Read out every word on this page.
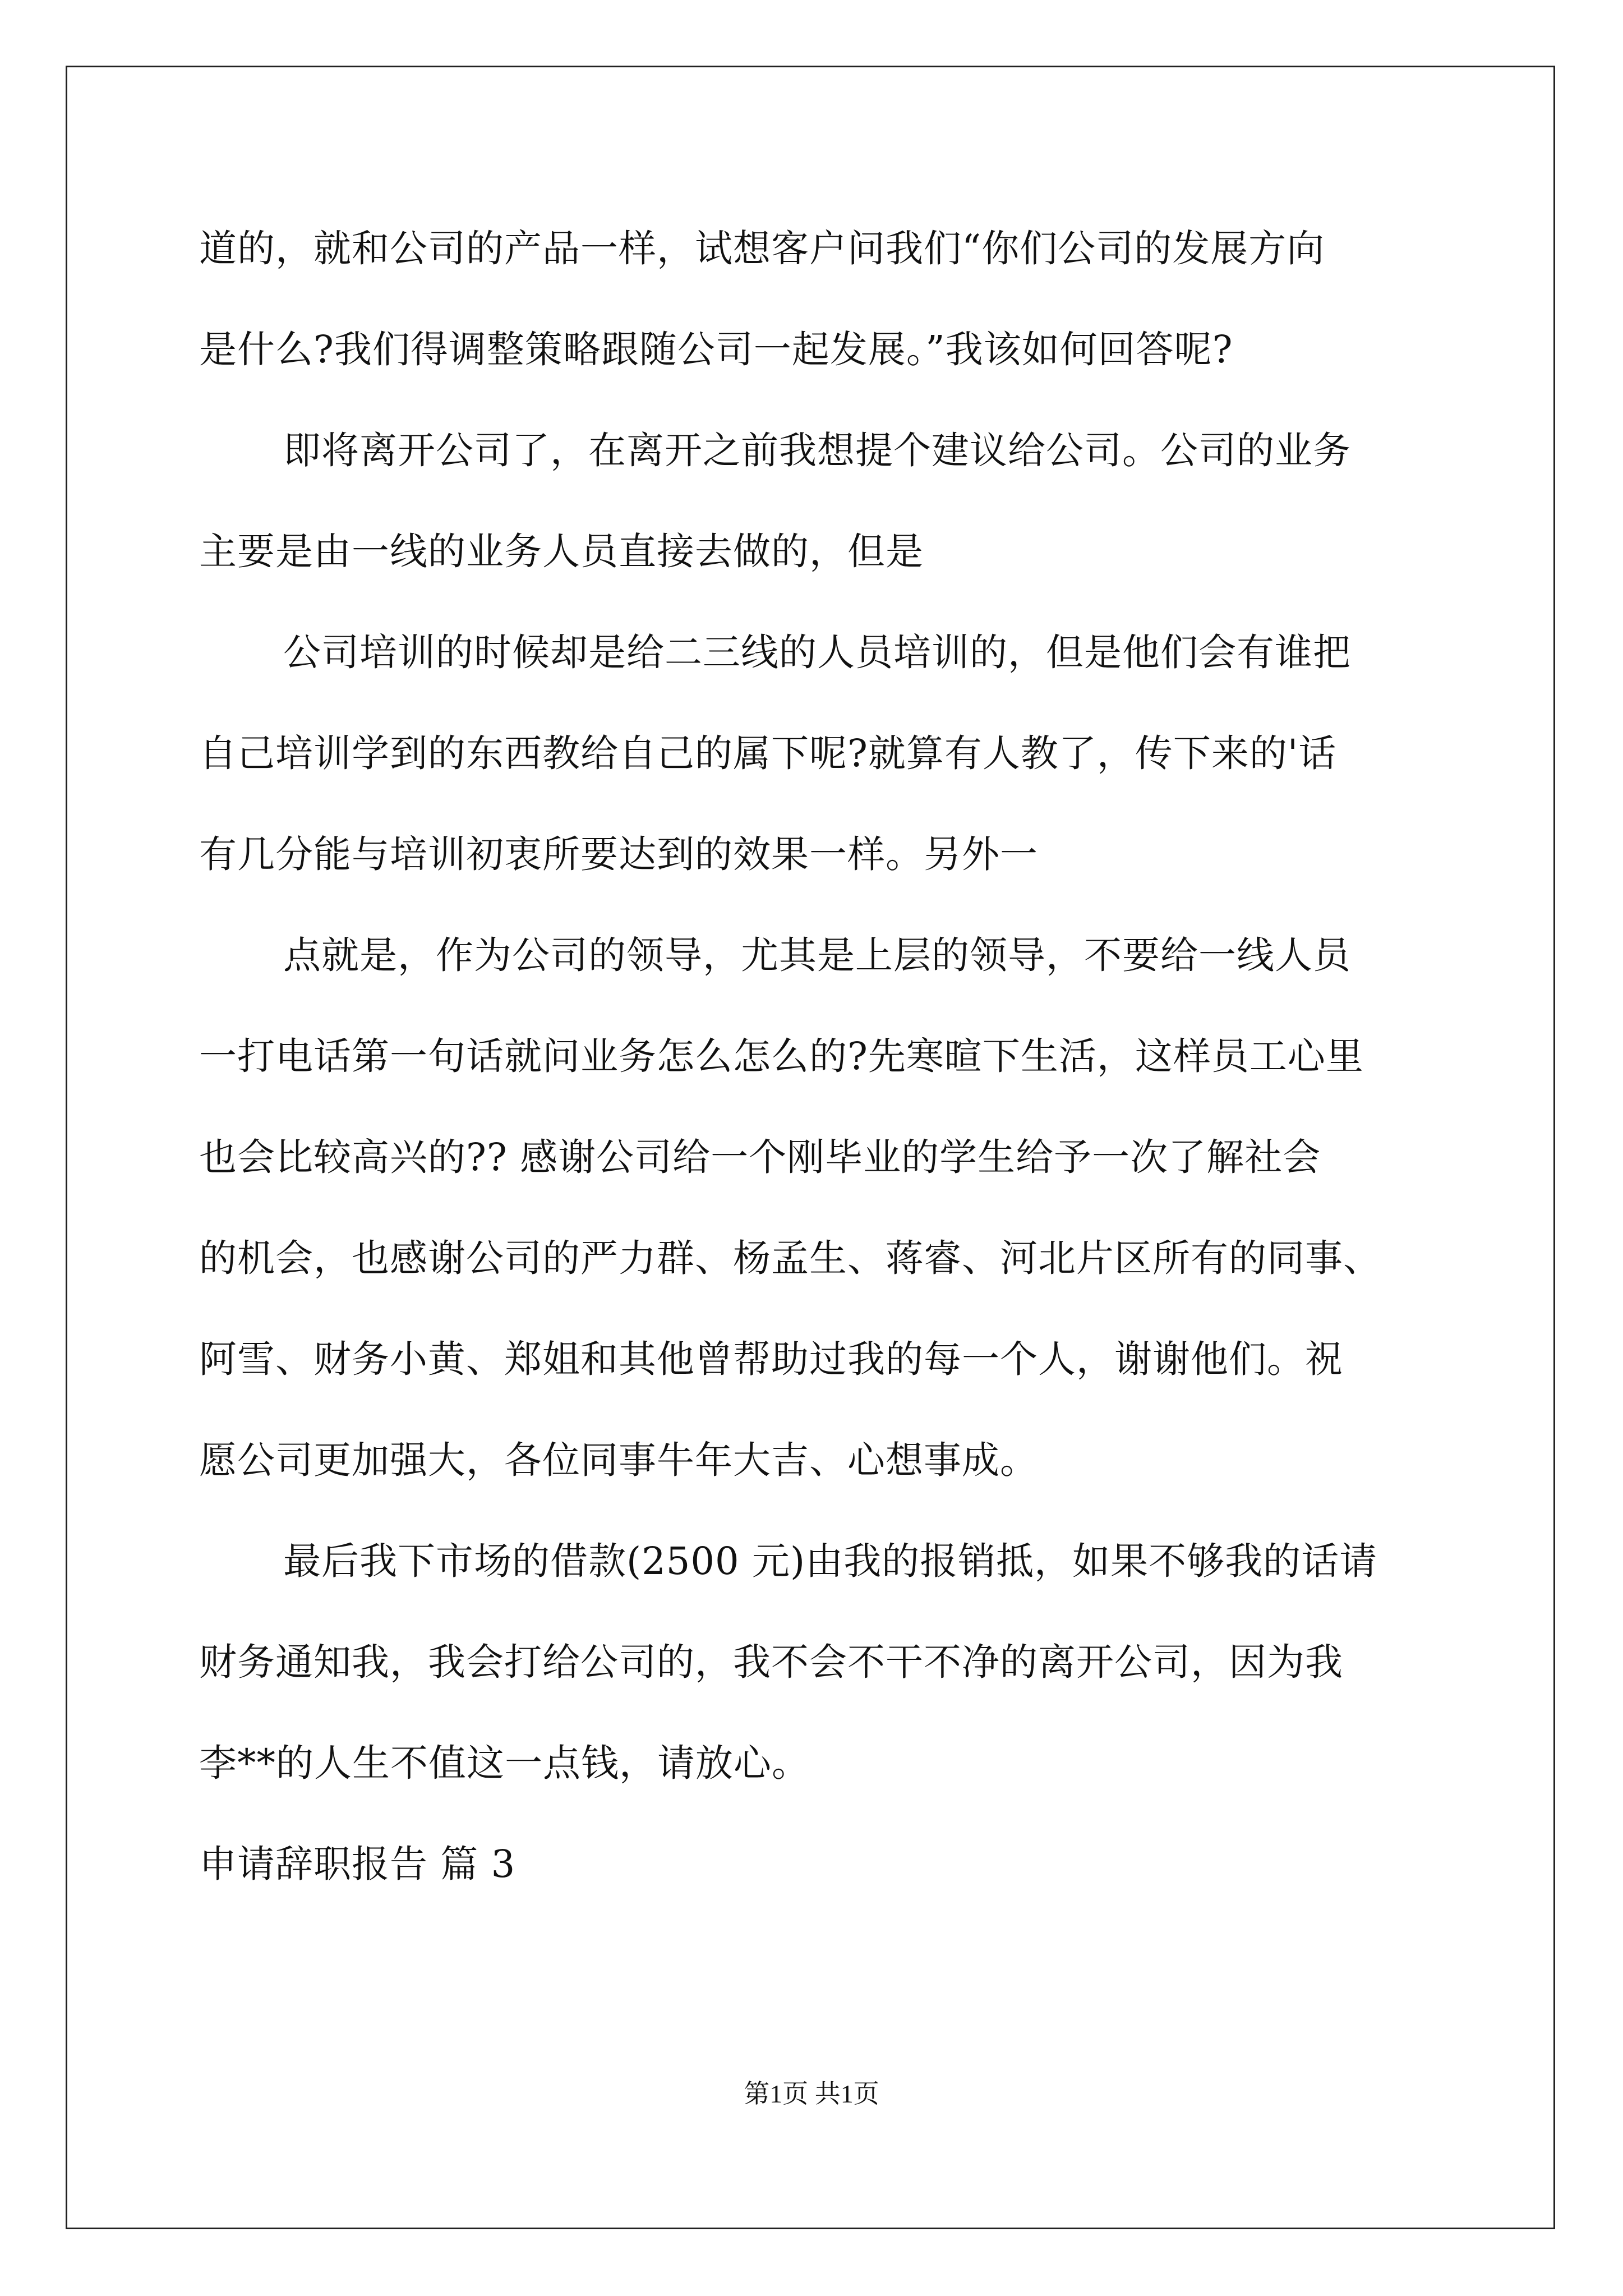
道的，就和公司的产品一样，试想客户问我们“你们公司的发展方向
是什么?我们得调整策略跟随公司一起发展。”我该如何回答呢?
即将离开公司了，在离开之前我想提个建议给公司。公司的业务
主要是由一线的业务人员直接去做的，但是
公司培训的时候却是给二三线的人员培训的，但是他们会有谁把
自己培训学到的东西教给自己的属下呢?就算有人教了，传下来的'话
有几分能与培训初衷所要达到的效果一样。另外一
点就是，作为公司的领导，尤其是上层的领导，不要给一线人员
一打电话第一句话就问业务怎么怎么的?先寒暄下生活，这样员工心里
也会比较高兴的?? 感谢公司给一个刚毕业的学生给予一次了解社会
的机会，也感谢公司的严力群、杨孟生、蒋睿、河北片区所有的同事、
阿雪、财务小黄、郑姐和其他曾帮助过我的每一个人，谢谢他们。祝
愿公司更加强大，各位同事牛年大吉、心想事成。
最后我下市场的借款(2500 元)由我的报销抵，如果不够我的话请
财务通知我，我会打给公司的，我不会不干不净的离开公司，因为我
李**的人生不值这一点钱，请放心。
申请辞职报告 篇 3
第1页 共1页
